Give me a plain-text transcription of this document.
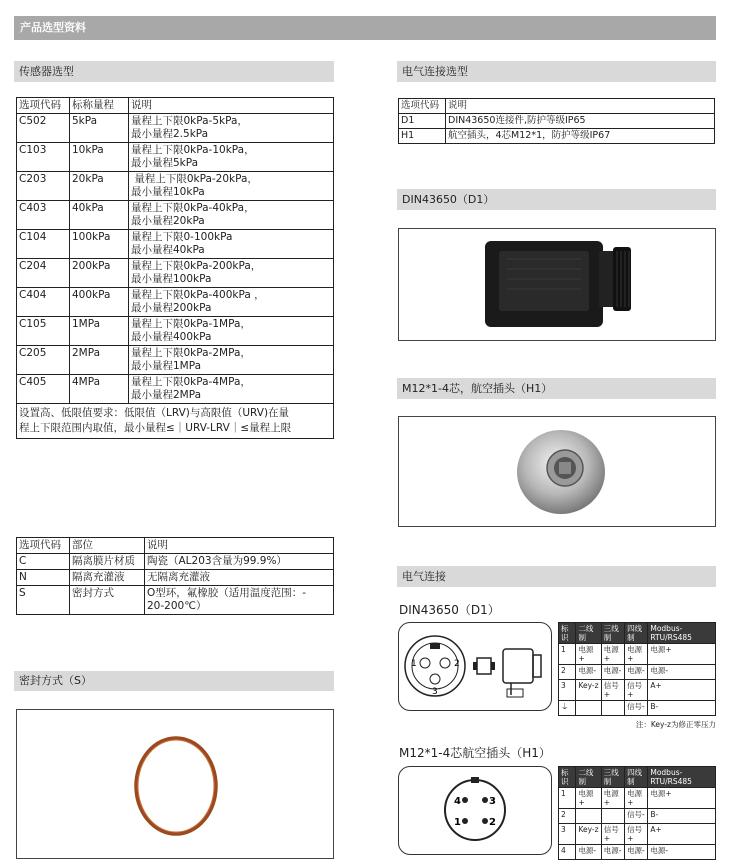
产品选型资料
传感器选型
选项代码	标称量程	说明
C502	5kPa	量程上下限0kPa-5kPa，
最小量程2.5kPa

C103	10kPa	量程上下限0kPa-10kPa，
最小量程5kPa

C203	20kPa	量程上下限0kPa-20kPa，
最小量程10kPa

C403	40kPa	量程上下限0kPa-40kPa，
最小量程20kPa

C104	100kPa	量程上下限0-100kPa
最小量程40kPa

C204	200kPa	量程上下限0kPa-200kPa，
最小量程100kPa

C404	400kPa	量程上下限0kPa-400kPa ，
最小量程200kPa

C105	1MPa	量程上下限0kPa-1MPa，
最小量程400kPa

C205	2MPa	量程上下限0kPa-2MPa，
最小量程1MPa

C405	4MPa	量程上下限0kPa-4MPa，
最小量程2MPa

设置高、低限值要求：低限值（LRV)与高限值（URV)在量
程上下限范围内取值，最小量程≤｜URV-LRV｜≤量程上限		
选项代码	部位	说明
C	隔离膜片材质	陶瓷（AL203含量为99.9%）
N	隔离充灌液	无隔离充灌液
S	密封方式	O型环，氟橡胶（适用温度范围：-
20-200℃）
密封方式（S）
电气连接选型
选项代码	说明
D1	DIN43650连接件,防护等级IP65
H1	航空插头，4芯M12*1，防护等级IP67
DIN43650（D1）
M12*1-4芯，航空插头（H1）
电气连接
DIN43650（D1）
1	2
3
标识	二线制	三线制	四线制	Modbus-RTU/RS485
1	电源+	电源+	电源+	电源+
2	电源-	电源-	电源-	电源-
3	Key-z	信号+	信号+	A+
⏚			信号-	B-
注：Key-z为修正零压力
M12*1-4芯航空插头（H1）
4	3
1	2
标识	二线制	三线制	四线制	Modbus-RTU/RS485
1	电源+	电源+	电源+	电源+
2			信号-	B-
3	Key-z	信号+	信号+	A+
4	电源-	电源-	电源-	电源-
